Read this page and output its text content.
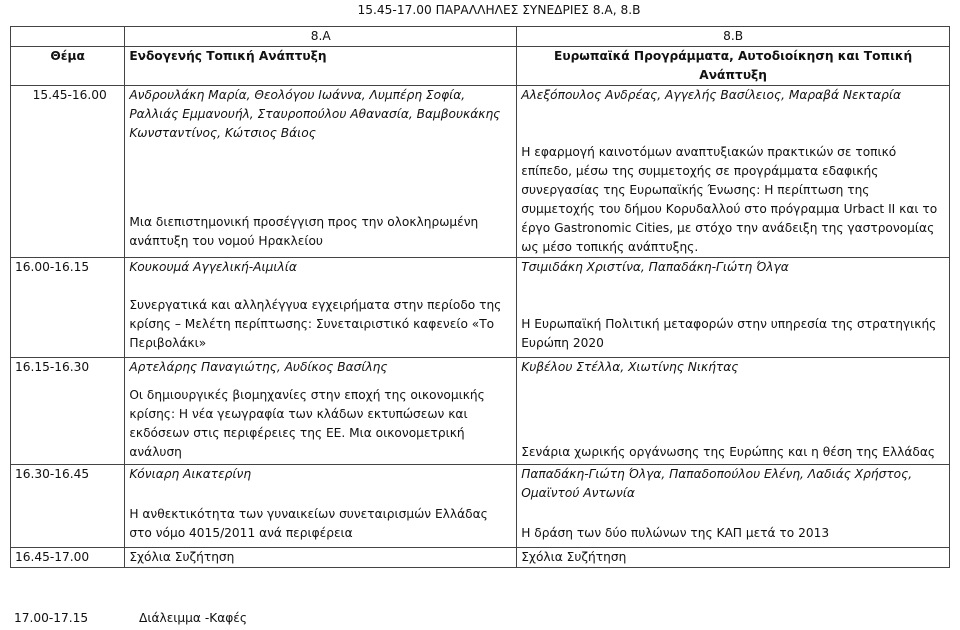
15.45-17.00 ΠΑΡΑΛΛΗΛΕΣ ΣΥΝΕΔΡΙΕΣ 8.Α, 8.Β
	8.Α	8.Β
Θέμα	Ενδογενής Τοπική Ανάπτυξη	Ευρωπαϊκά Προγράμματα, Αυτοδιοίκηση και Τοπική Ανάπτυξη
15.45-16.00	Ανδρουλάκη Μαρία, Θεολόγου Ιωάννα, Λυμπέρη Σοφία, Ραλλιάς Εμμανουήλ, Σταυροπούλου Αθανασία, Βαμβουκάκης Κωνσταντίνος, Κώτσιος Βάιος	Αλεξόπουλος Ανδρέας, Αγγελής Βασίλειος, Μαραβά Νεκταρία
	Μια διεπιστημονική προσέγγιση προς την ολοκληρωμένη ανάπτυξη του νομού Ηρακλείου	Η εφαρμογή καινοτόμων αναπτυξιακών πρακτικών σε τοπικό επίπεδο, μέσω της συμμετοχής σε προγράμματα εδαφικής συνεργασίας της Ευρωπαϊκής Ένωσης: Η περίπτωση της συμμετοχής του δήμου Κορυδαλλού στο πρόγραμμα Urbact II και το έργο Gastronomic Cities, με στόχο την ανάδειξη της γαστρονομίας ως μέσο τοπικής ανάπτυξης.
16.00-16.15	Κουκουμά Αγγελική-Αιμιλία	Τσιμιδάκη Χριστίνα, Παπαδάκη-Γιώτη Όλγα
	Συνεργατικά και αλληλέγγυα εγχειρήματα στην περίοδο της κρίσης – Μελέτη περίπτωσης: Συνεταιριστικό καφενείο «Το Περιβολάκι»	Η Ευρωπαϊκή Πολιτική μεταφορών στην υπηρεσία της στρατηγικής Ευρώπη 2020
16.15-16.30	Αρτελάρης Παναγιώτης, Αυδίκος Βασίλης	Κυβέλου Στέλλα, Χιωτίνης Νικήτας
	Οι δημιουργικές βιομηχανίες στην εποχή της οικονομικής κρίσης: Η νέα γεωγραφία των κλάδων εκτυπώσεων και εκδόσεων στις περιφέρειες της ΕΕ. Μια οικονομετρική ανάλυση	Σενάρια χωρικής οργάνωσης της Ευρώπης και η θέση της Ελλάδας
16.30-16.45	Κόνιαρη Αικατερίνη	Παπαδάκη-Γιώτη Όλγα, Παπαδοπούλου Ελένη, Λαδιάς Χρήστος, Ομαϊντού Αντωνία
	Η ανθεκτικότητα των γυναικείων συνεταιρισμών Ελλάδας στο νόμο 4015/2011 ανά περιφέρεια	Η δράση των δύο πυλώνων της ΚΑΠ μετά το 2013
16.45-17.00	Σχόλια Συζήτηση	Σχόλια Συζήτηση
17.00-17.15	Διάλειμμα -Καφές
